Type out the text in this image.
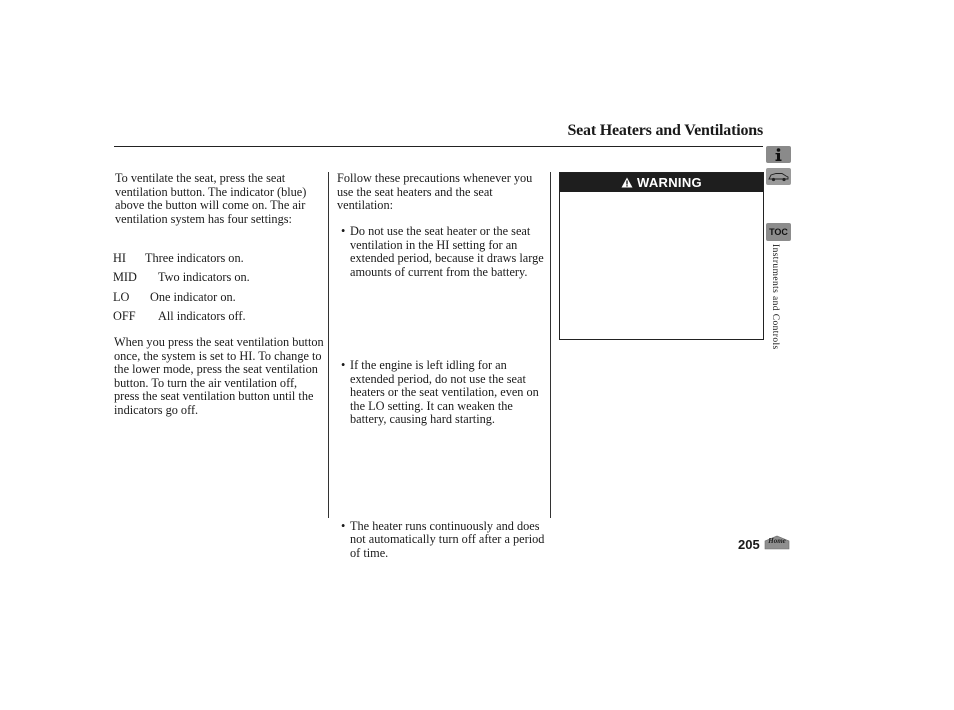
Seat Heaters and Ventilations
To ventilate the seat, press the seat ventilation button. The indicator (blue) above the button will come on. The air ventilation system has four settings:
HI Three indicators on.
MID Two indicators on.
LO One indicator on.
OFF All indicators off.
When you press the seat ventilation button once, the system is set to HI. To change to the lower mode, press the seat ventilation button. To turn the air ventilation off, press the seat ventilation button until the indicators go off.
Follow these precautions whenever you use the seat heaters and the seat ventilation:
• Do not use the seat heater or the seat ventilation in the HI setting for an extended period, because it draws large amounts of current from the battery.
• If the engine is left idling for an extended period, do not use the seat heaters or the seat ventilation, even on the LO setting. It can weaken the battery, causing hard starting.
• The heater runs continuously and does not automatically turn off after a period of time.
WARNING
TOC
Instruments and Controls
205	Home
